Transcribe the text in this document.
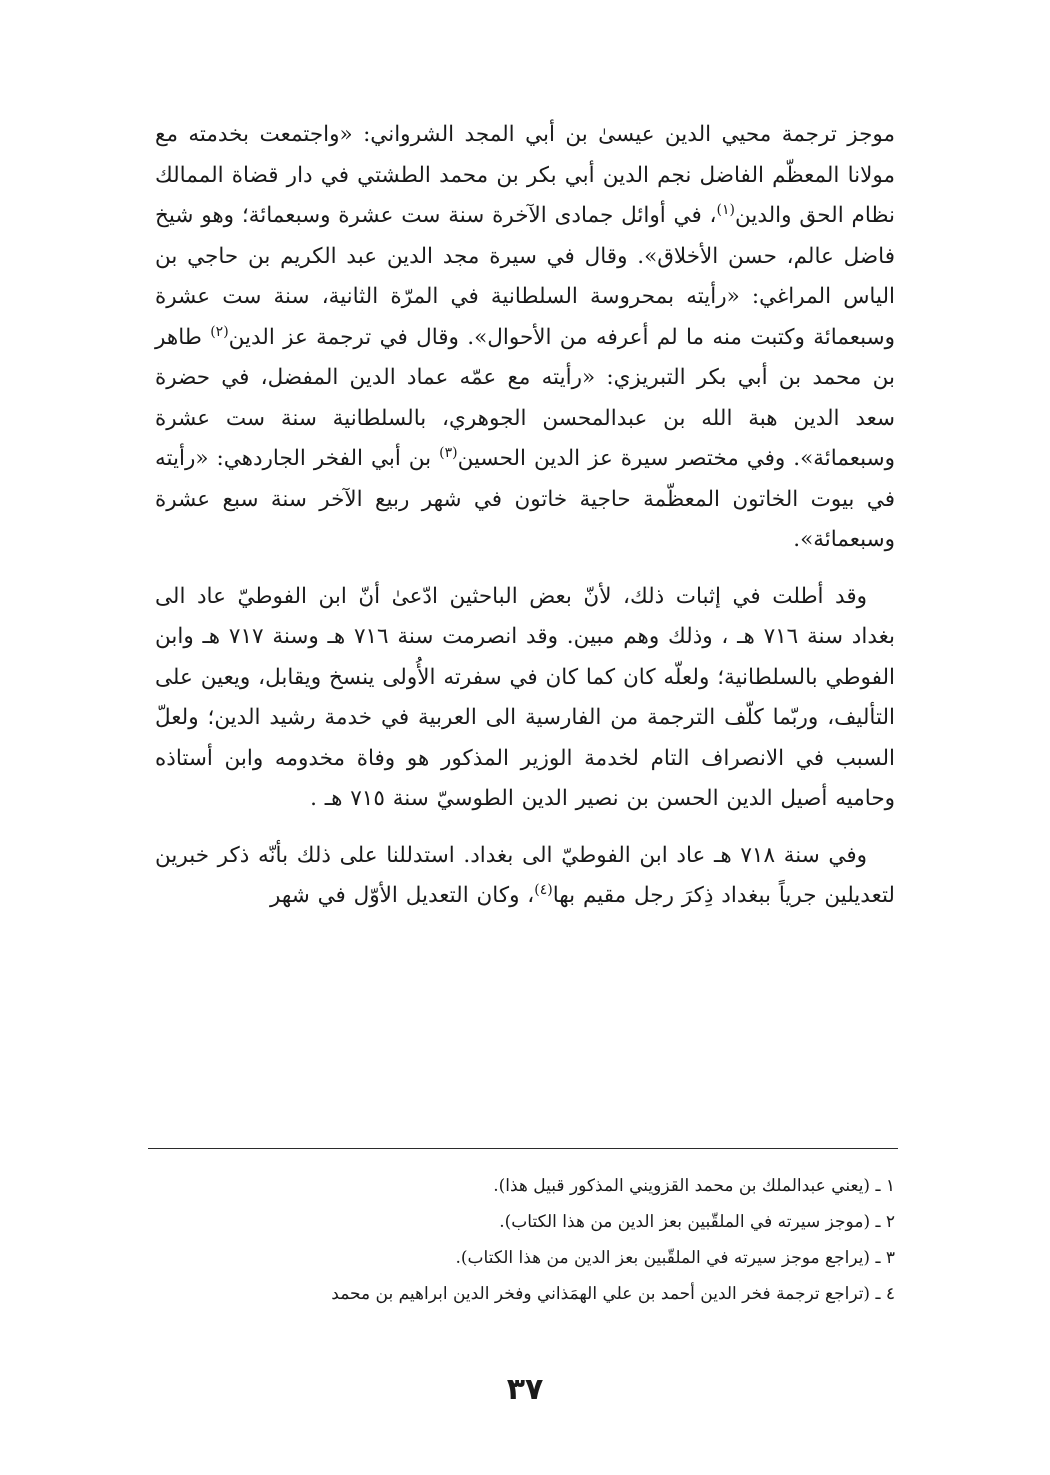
موجز ترجمة محيي الدين عيسىٰ بن أبي المجد الشرواني: «واجتمعت بخدمته مع مولانا المعظّم الفاضل نجم الدين أبي بكر بن محمد الطشتي في دار قضاة الممالك نظام الحق والدين$^{(١)}$، في أوائل جمادى الآخرة سنة ست عشرة وسبعمائة؛ وهو شيخ فاضل عالم، حسن الأخلاق». وقال في سيرة مجد الدين عبد الكريم بن حاجي بن الياس المراغي: «رأيته بمحروسة السلطانية في المرّة الثانية، سنة ست عشرة وسبعمائة وكتبت منه ما لم أعرفه من الأحوال». وقال في ترجمة عز الدين$^{(٢)}$ طاهر بن محمد بن أبي بكر التبريزي: «رأيته مع عمّه عماد الدين المفضل، في حضرة سعد الدين هبة الله بن عبدالمحسن الجوهري، بالسلطانية سنة ست عشرة وسبعمائة». وفي مختصر سيرة عز الدين الحسين$^{(٣)}$ بن أبي الفخر الجاردهي: «رأيته في بيوت الخاتون المعظّمة حاجية خاتون في شهر ربيع الآخر سنة سبع عشرة وسبعمائة».

وقد أطلت في إثبات ذلك، لأنّ بعض الباحثين ادّعىٰ أنّ ابن الفوطيّ عاد الى بغداد سنة ٧١٦ هـ ، وذلك وهم مبين. وقد انصرمت سنة ٧١٦ هـ وسنة ٧١٧ هـ وابن الفوطي بالسلطانية؛ ولعلّه كان كما كان في سفرته الأُولى ينسخ ويقابل، ويعين على التأليف، وربّما كلّف الترجمة من الفارسية الى العربية في خدمة رشيد الدين؛ ولعلّ السبب في الانصراف التام لخدمة الوزير المذكور هو وفاة مخدومه وابن أستاذه وحاميه أصيل الدين الحسن بن نصير الدين الطوسيّ سنة ٧١٥ هـ .

وفي سنة ٧١٨ هـ عاد ابن الفوطيّ الى بغداد. استدللنا على ذلك بأنّه ذكر خبرين لتعديلين جرياً ببغداد ذِكرَ رجل مقيم بها$^{(٤)}$، وكان التعديل الأوّل في شهر

١ ـ (يعني عبدالملك بن محمد القزويني المذكور قبيل هذا).
٢ ـ (موجز سيرته في الملقّبين بعز الدين من هذا الكتاب).
٣ ـ (يراجع موجز سيرته في الملقّبين بعز الدين من هذا الكتاب).
٤ ـ (تراجع ترجمة فخر الدين أحمد بن علي الهمَذاني وفخر الدين ابراهيم بن محمد
٣٧
